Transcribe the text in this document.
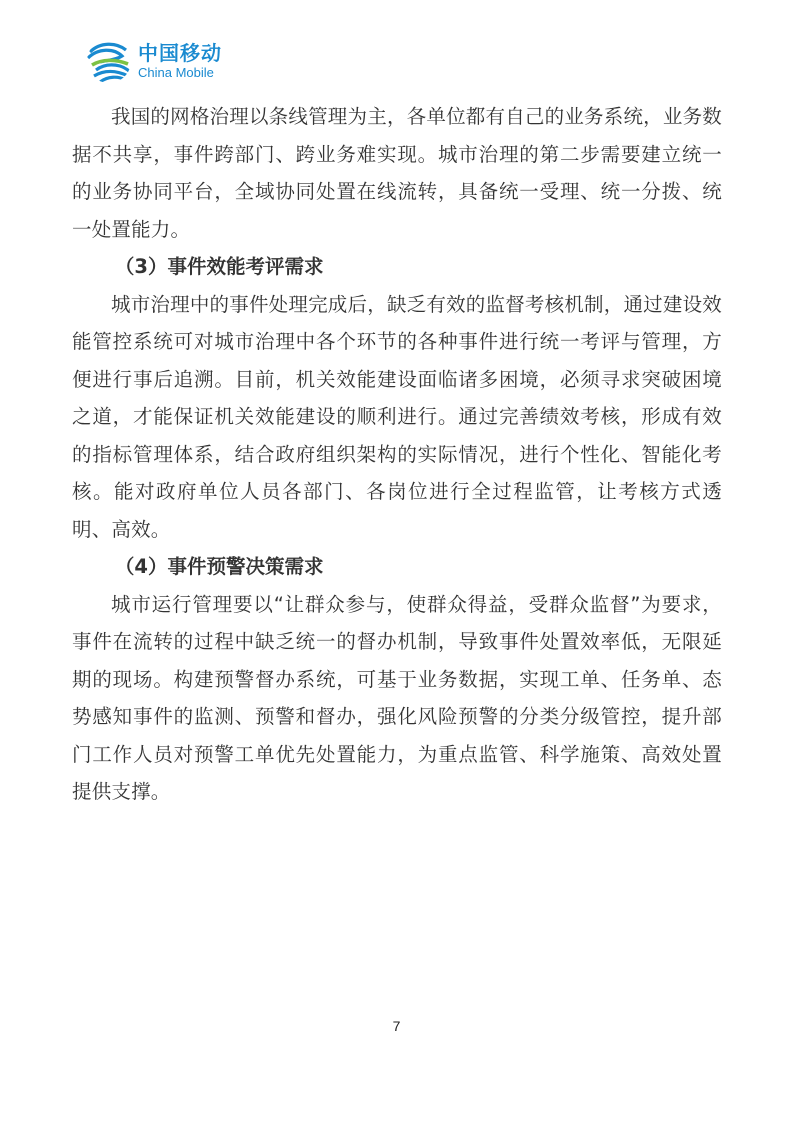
中国移动
China Mobile

我国的网格治理以条线管理为主，各单位都有自己的业务系统，业务数据不共享，事件跨部门、跨业务难实现。城市治理的第二步需要建立统一的业务协同平台，全域协同处置在线流转，具备统一受理、统一分拨、统一处置能力。

（3）事件效能考评需求

城市治理中的事件处理完成后，缺乏有效的监督考核机制，通过建设效能管控系统可对城市治理中各个环节的各种事件进行统一考评与管理，方便进行事后追溯。目前，机关效能建设面临诸多困境，必须寻求突破困境之道，才能保证机关效能建设的顺利进行。通过完善绩效考核，形成有效的指标管理体系，结合政府组织架构的实际情况，进行个性化、智能化考核。能对政府单位人员各部门、各岗位进行全过程监管，让考核方式透明、高效。

（4）事件预警决策需求

城市运行管理要以“让群众参与，使群众得益，受群众监督”为要求，事件在流转的过程中缺乏统一的督办机制，导致事件处置效率低，无限延期的现场。构建预警督办系统，可基于业务数据，实现工单、任务单、态势感知事件的监测、预警和督办，强化风险预警的分类分级管控，提升部门工作人员对预警工单优先处置能力，为重点监管、科学施策、高效处置提供支撑。

7
